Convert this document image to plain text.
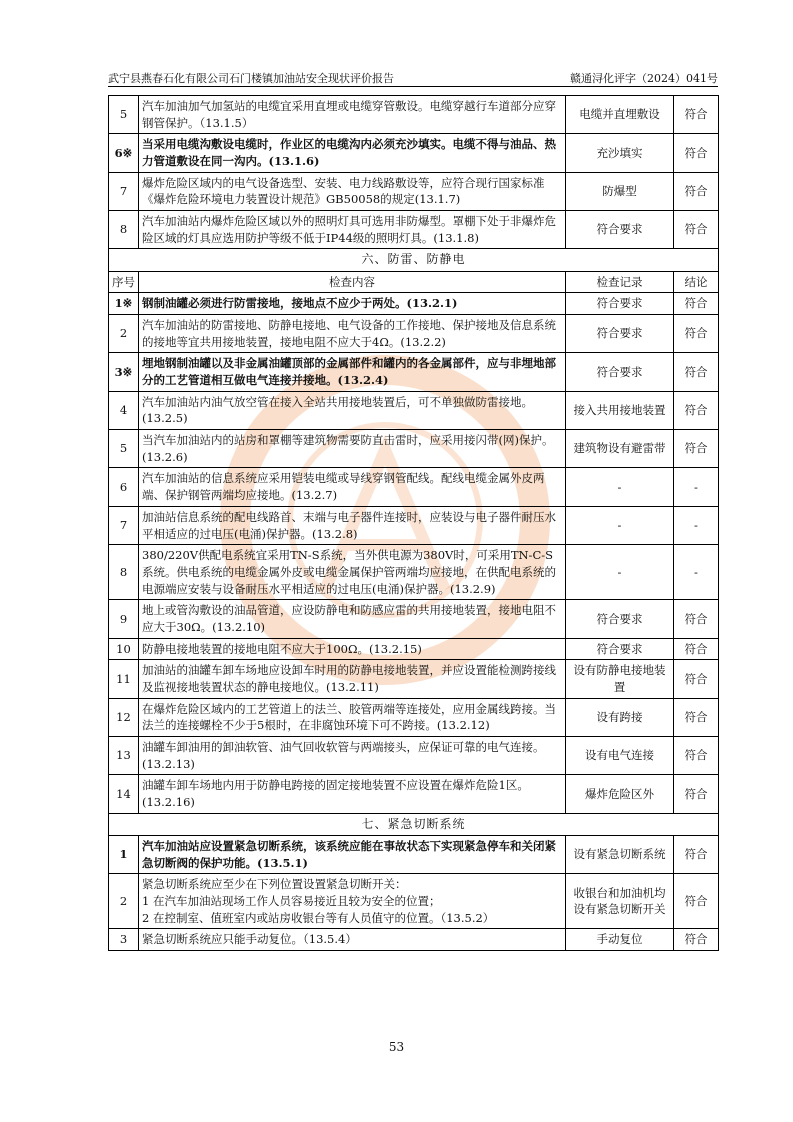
武宁县燕春石化有限公司石门楼镇加油站安全现状评价报告	赣通浔化评字（2024）041号
5	汽车加油加气加氢站的电缆宜采用直埋或电缆穿管敷设。电缆穿越行车道部分应穿钢管保护。（13.1.5）	电缆并直埋敷设	符合
6※	当采用电缆沟敷设电缆时，作业区的电缆沟内必须充沙填实。电缆不得与油品、热力管道敷设在同一沟内。(13.1.6)	充沙填实	符合
7	爆炸危险区域内的电气设备选型、安装、电力线路敷设等，应符合现行国家标准《爆炸危险环境电力装置设计规范》GB50058的规定(13.1.7)	防爆型	符合
8	汽车加油站内爆炸危险区域以外的照明灯具可选用非防爆型。罩棚下处于非爆炸危险区域的灯具应选用防护等级不低于IP44级的照明灯具。(13.1.8)	符合要求	符合
六、防雷、防静电			
序号	检查内容	检查记录	结论
1※	钢制油罐必须进行防雷接地，接地点不应少于两处。(13.2.1)	符合要求	符合
2	汽车加油站的防雷接地、防静电接地、电气设备的工作接地、保护接地及信息系统的接地等宜共用接地装置，接地电阻不应大于4Ω。(13.2.2)	符合要求	符合
3※	埋地钢制油罐以及非金属油罐顶部的金属部件和罐内的各金属部件，应与非埋地部分的工艺管道相互做电气连接并接地。(13.2.4)	符合要求	符合
4	汽车加油站内油气放空管在接入全站共用接地装置后，可不单独做防雷接地。(13.2.5)	接入共用接地装置	符合
5	当汽车加油站内的站房和罩棚等建筑物需要防直击雷时，应采用接闪带(网)保护。(13.2.6)	建筑物设有避雷带	符合
6	汽车加油站的信息系统应采用铠装电缆或导线穿钢管配线。配线电缆金属外皮两端、保护钢管两端均应接地。(13.2.7)	-	-
7	加油站信息系统的配电线路首、末端与电子器件连接时，应装设与电子器件耐压水平相适应的过电压(电涌)保护器。(13.2.8)	-	-
8	380/220V供配电系统宜采用TN-S系统，当外供电源为380V时，可采用TN-C-S系统。供电系统的电缆金属外皮或电缆金属保护管两端均应接地，在供配电系统的电源端应安装与设备耐压水平相适应的过电压(电涌)保护器。(13.2.9)	-	-
9	地上或管沟敷设的油品管道，应设防静电和防感应雷的共用接地装置，接地电阻不应大于30Ω。(13.2.10)	符合要求	符合
10	防静电接地装置的接地电阻不应大于100Ω。(13.2.15)	符合要求	符合
11	加油站的油罐车卸车场地应设卸车时用的防静电接地装置，并应设置能检测跨接线及监视接地装置状态的静电接地仪。(13.2.11)	设有防静电接地装置	符合
12	在爆炸危险区域内的工艺管道上的法兰、胶管两端等连接处，应用金属线跨接。当法兰的连接螺栓不少于5根时，在非腐蚀环境下可不跨接。(13.2.12)	设有跨接	符合
13	油罐车卸油用的卸油软管、油气回收软管与两端接头，应保证可靠的电气连接。(13.2.13)	设有电气连接	符合
14	油罐车卸车场地内用于防静电跨接的固定接地装置不应设置在爆炸危险1区。(13.2.16)	爆炸危险区外	符合
七、紧急切断系统			
1	汽车加油站应设置紧急切断系统，该系统应能在事故状态下实现紧急停车和关闭紧急切断阀的保护功能。(13.5.1)	设有紧急切断系统	符合
2	紧急切断系统应至少在下列位置设置紧急切断开关：
1 在汽车加油站现场工作人员容易接近且较为安全的位置；
2 在控制室、值班室内或站房收银台等有人员值守的位置。（13.5.2）	收银台和加油机均设有紧急切断开关	符合
3	紧急切断系统应只能手动复位。（13.5.4）	手动复位	符合
53
